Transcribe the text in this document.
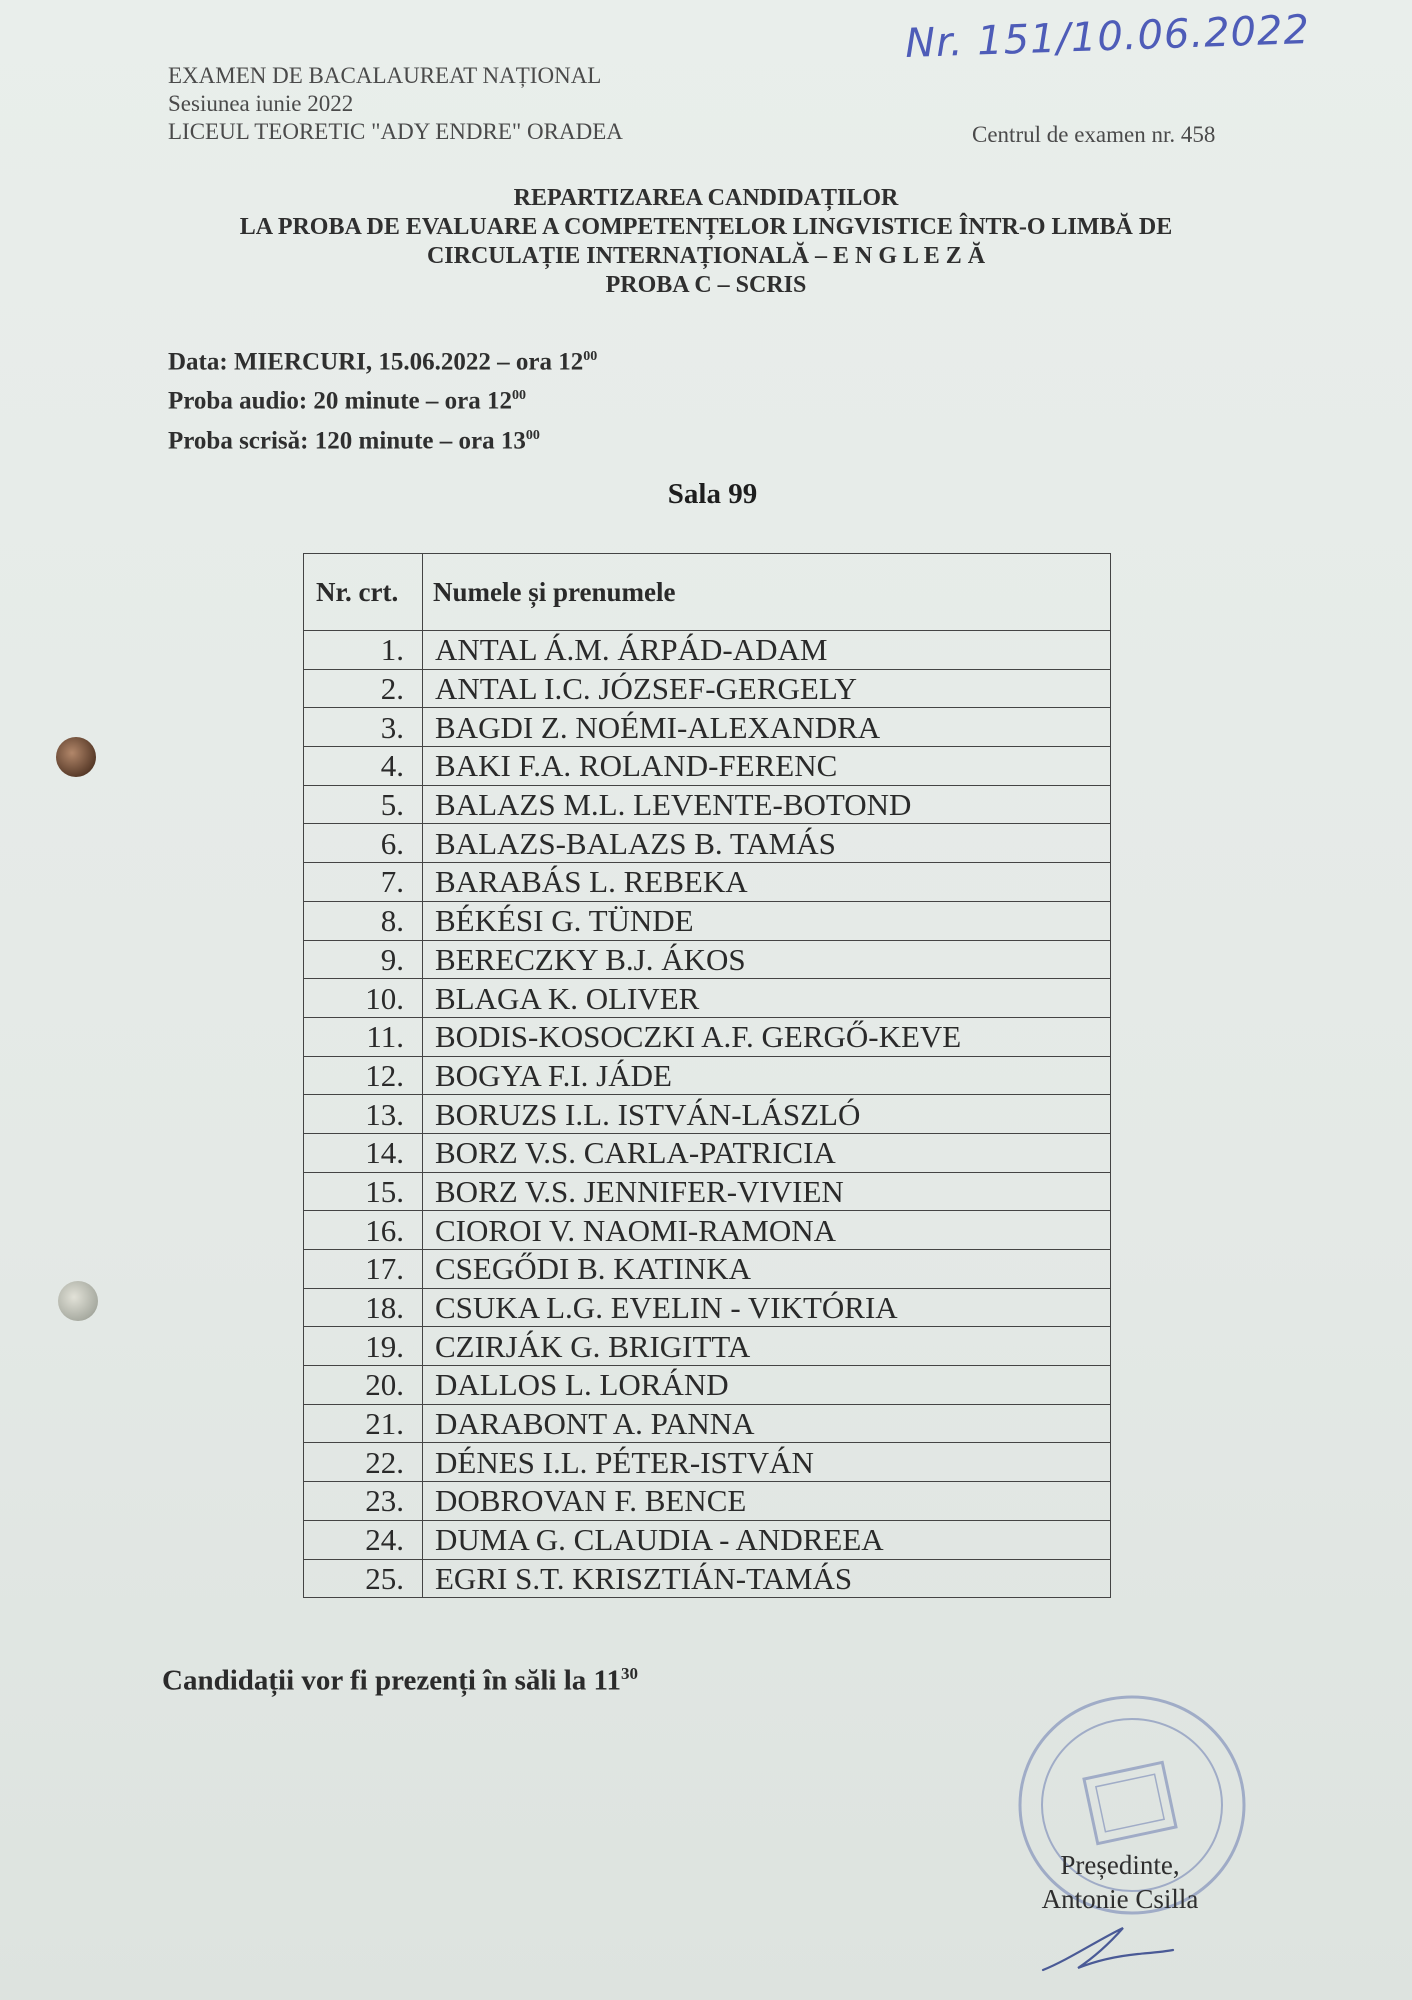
EXAMEN DE BACALAUREAT NAȚIONAL
Sesiunea iunie 2022
LICEUL TEORETIC "ADY ENDRE" ORADEA	Centrul de examen nr. 458
Nr. 151/10.06.2022
REPARTIZAREA CANDIDAȚILOR
LA PROBA DE EVALUARE A COMPETENȚELOR LINGVISTICE ÎNTR-O LIMBĂ DE
CIRCULAȚIE INTERNAȚIONALĂ – E N G L E Z Ă
PROBA C – SCRIS
Data: MIERCURI, 15.06.2022 – ora $12^{00}$
Proba audio: 20 minute – ora $12^{00}$
Proba scrisă: 120 minute – ora $13^{00}$
Sala 99
Nr. crt.	Numele și prenumele
1.	ANTAL Á.M. ÁRPÁD-ADAM
2.	ANTAL I.C. JÓZSEF-GERGELY
3.	BAGDI Z. NOÉMI-ALEXANDRA
4.	BAKI F.A. ROLAND-FERENC
5.	BALAZS M.L. LEVENTE-BOTOND
6.	BALAZS-BALAZS B. TAMÁS
7.	BARABÁS L. REBEKA
8.	BÉKÉSI G. TÜNDE
9.	BERECZKY B.J. ÁKOS
10.	BLAGA K. OLIVER
11.	BODIS-KOSOCZKI A.F. GERGŐ-KEVE
12.	BOGYA F.I. JÁDE
13.	BORUZS I.L. ISTVÁN-LÁSZLÓ
14.	BORZ V.S. CARLA-PATRICIA
15.	BORZ V.S. JENNIFER-VIVIEN
16.	CIOROI V. NAOMI-RAMONA
17.	CSEGŐDI B. KATINKA
18.	CSUKA L.G. EVELIN - VIKTÓRIA
19.	CZIRJÁK G. BRIGITTA
20.	DALLOS L. LORÁND
21.	DARABONT A. PANNA
22.	DÉNES I.L. PÉTER-ISTVÁN
23.	DOBROVAN F. BENCE
24.	DUMA G. CLAUDIA - ANDREEA
25.	EGRI S.T. KRISZTIÁN-TAMÁS
Candidații vor fi prezenți în săli la $11^{30}$
Președinte,
Antonie Csilla
